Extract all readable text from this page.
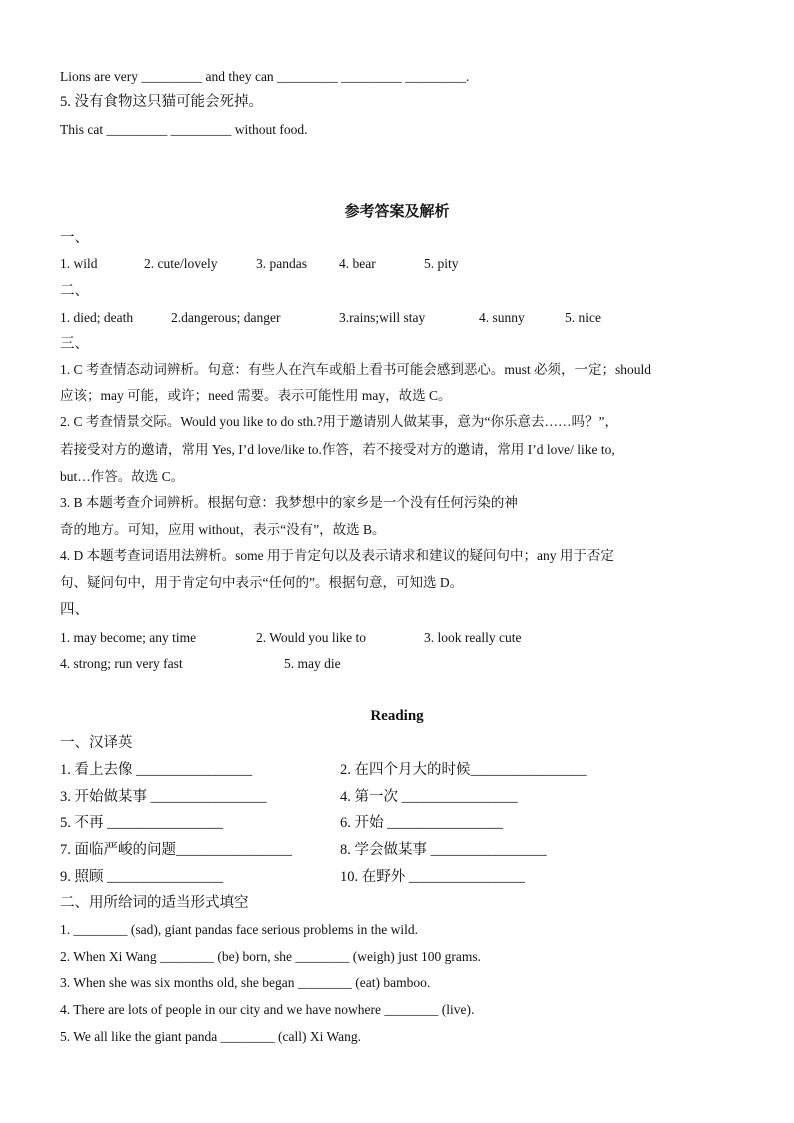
Lions are very _________ and they can _________ _________ _________.
5. 没有食物这只猫可能会死掉。
This cat _________ _________ without food.
参考答案及解析
一、
1. wild	2. cute/lovely	3. pandas 4. bear	5. pity
二、
1. died; death	2.dangerous; danger	3.rains;will stay	4. sunny	5. nice
三、
1. C 考查情态动词辨析。句意：有些人在汽车或船上看书可能会感到恶心。must 必须，一定；should
应该；may 可能，或许；need 需要。表示可能性用 may，故选 C。
2. C 考查情景交际。Would you like to do sth.?用于邀请别人做某事，意为“你乐意去……吗？”，
若接受对方的邀请，常用 Yes, I’d love/like to.作答，若不接受对方的邀请，常用 I’d love/ like to,
but…作答。故选 C。
3. B 本题考查介词辨析。根据句意：我梦想中的家乡是一个没有任何污染的神
奇的地方。可知，应用 without，表示“没有”，故选 B。
4. D 本题考查词语用法辨析。some 用于肯定句以及表示请求和建议的疑问句中；any 用于否定
句、疑问句中，用于肯定句中表示“任何的”。根据句意，可知选 D。
四、
1. may become; any time	2. Would you like to	3. look really cute
4. strong; run very fast	5. may die
Reading
一、汉译英
1. 看上去像 ________________	2. 在四个月大的时候________________
3. 开始做某事 ________________	4. 第一次 ________________
5. 不再 ________________	6. 开始 ________________
7. 面临严峻的问题________________	8. 学会做某事 ________________
9. 照顾 ________________	10. 在野外 ________________
二、用所给词的适当形式填空
1. ________ (sad), giant pandas face serious problems in the wild.
2. When Xi Wang ________ (be) born, she ________ (weigh) just 100 grams.
3. When she was six months old, she began ________ (eat) bamboo.
4. There are lots of people in our city and we have nowhere ________ (live).
5. We all like the giant panda ________ (call) Xi Wang.
